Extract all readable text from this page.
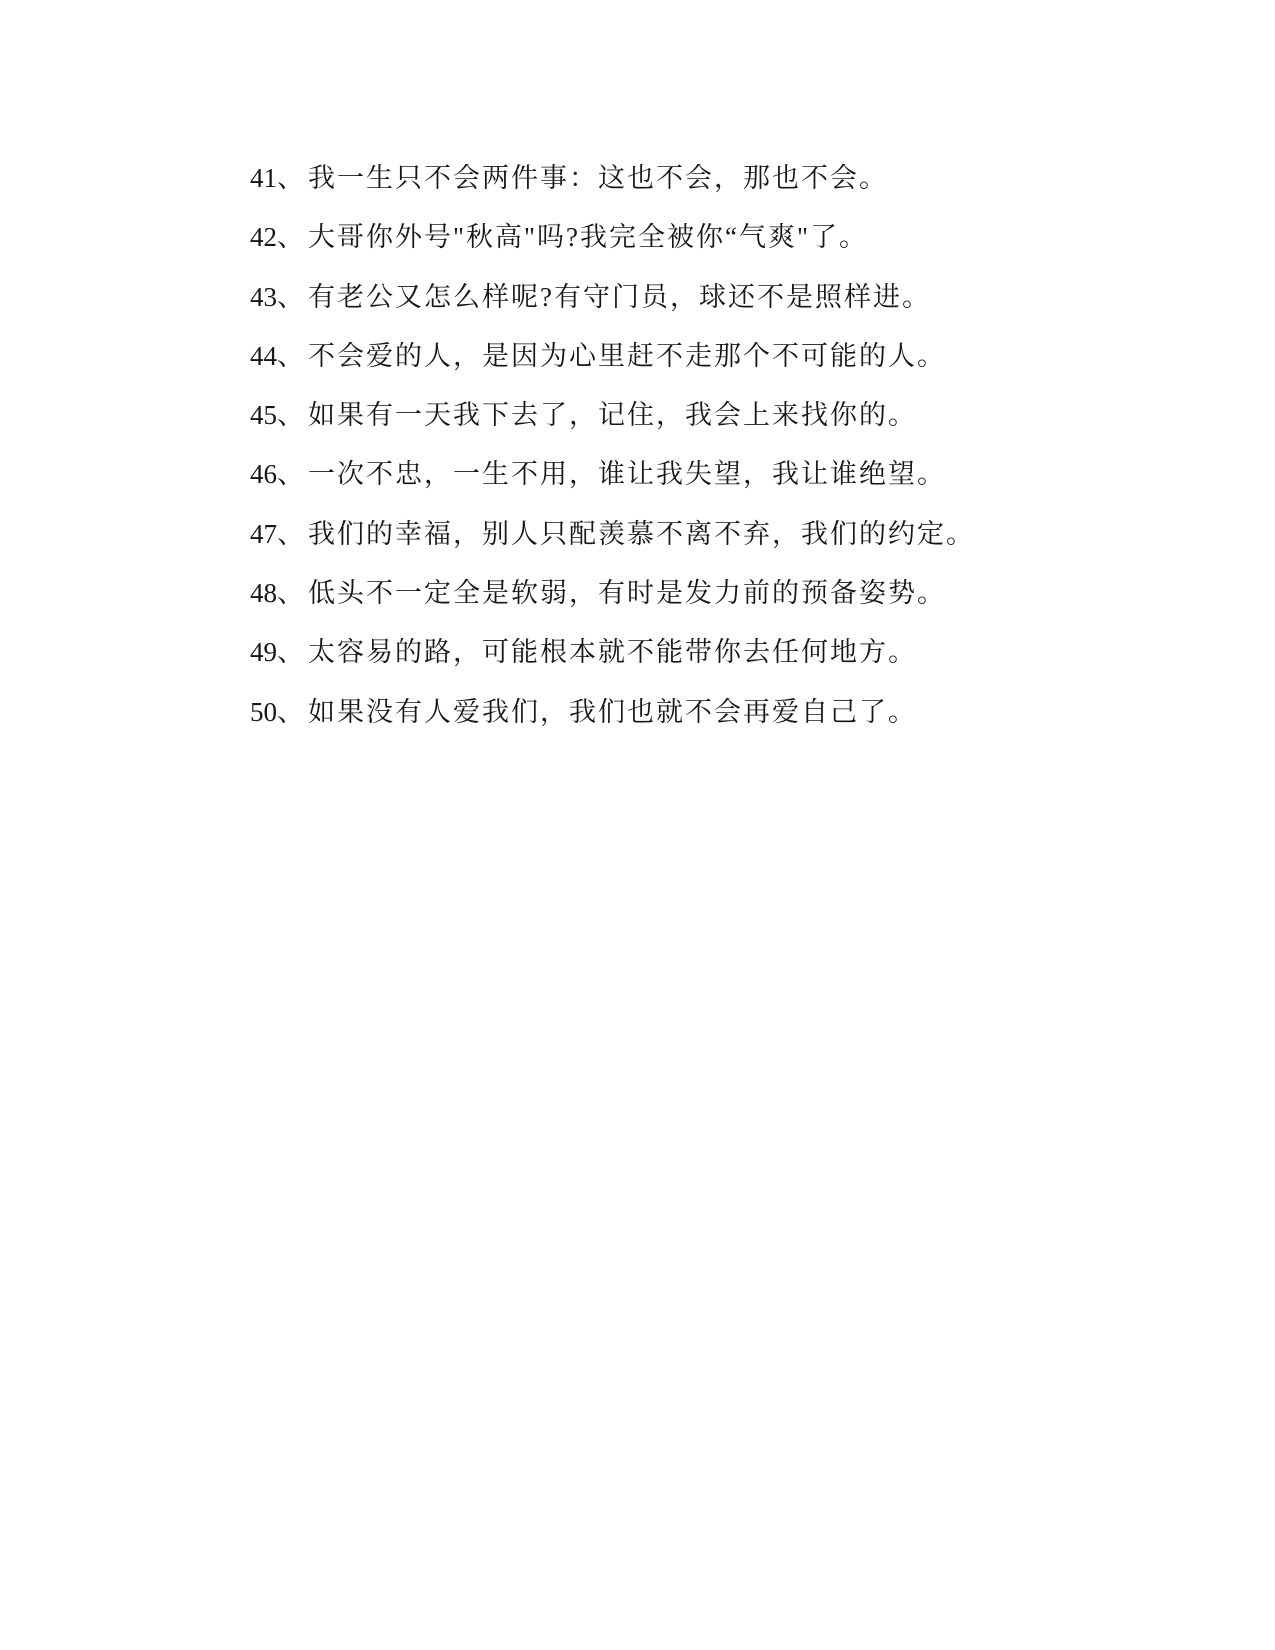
41、 我一生只不会两件事：这也不会，那也不会。
42、 大哥你外号"秋高"吗?我完全被你“气爽"了。
43、 有老公又怎么样呢?有守门员，球还不是照样进。
44、 不会爱的人，是因为心里赶不走那个不可能的人。
45、 如果有一天我下去了，记住，我会上来找你的。
46、 一次不忠，一生不用，谁让我失望，我让谁绝望。
47、 我们的幸福，别人只配羡慕不离不弃，我们的约定。
48、 低头不一定全是软弱，有时是发力前的预备姿势。
49、 太容易的路，可能根本就不能带你去任何地方。
50、 如果没有人爱我们，我们也就不会再爱自己了。
